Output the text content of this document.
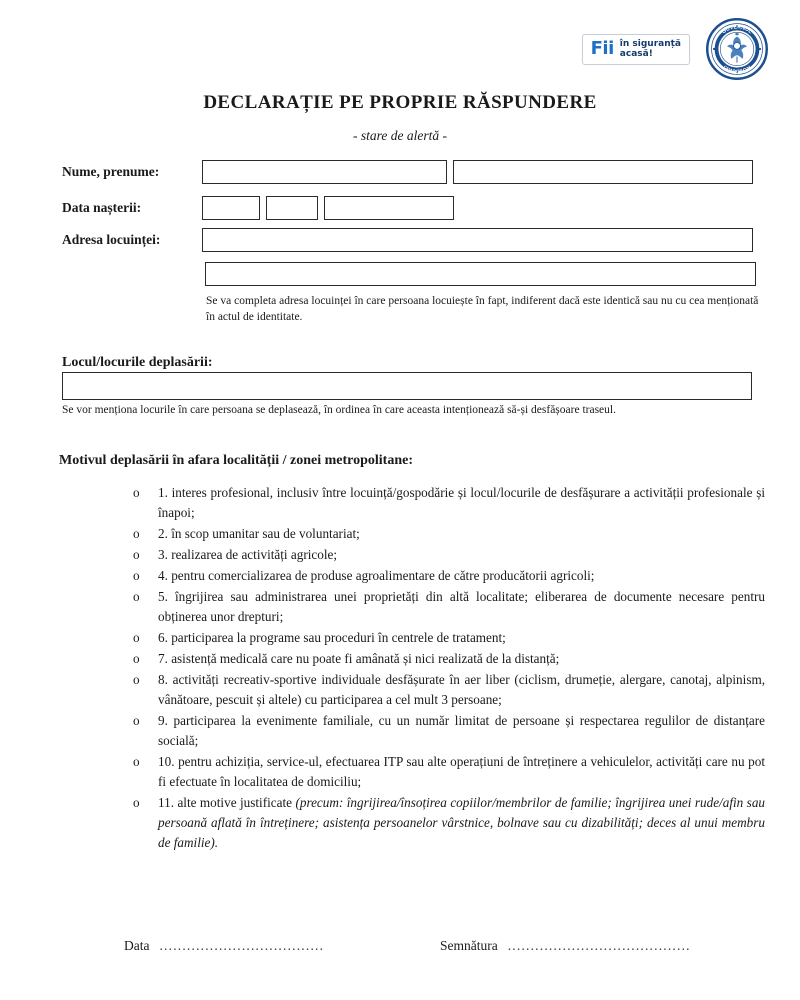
Fii în siguranță
acasă!
GUVERNUL
ROMÂNIEI
DECLARAȚIE PE PROPRIE RĂSPUNDERE
- stare de alertă -
Nume, prenume:
Data nașterii:
Adresa locuinței:
Se va completa adresa locuinței în care persoana locuiește în fapt, indiferent dacă este identică sau nu cu cea menționată în actul de identitate.
Locul/locurile deplasării:
Se vor menționa locurile în care persoana se deplasează, în ordinea în care aceasta intenționează să-și desfășoare traseul.
Motivul deplasării în afara localității / zonei metropolitane:
o 1. interes profesional, inclusiv între locuință/gospodărie și locul/locurile de desfășurare a activității profesionale și înapoi;
o 2. în scop umanitar sau de voluntariat;
o 3. realizarea de activități agricole;
o 4. pentru comercializarea de produse agroalimentare de către producătorii agricoli;
o 5. îngrijirea sau administrarea unei proprietăți din altă localitate; eliberarea de documente necesare pentru obținerea unor drepturi;
o 6. participarea la programe sau proceduri în centrele de tratament;
o 7. asistență medicală care nu poate fi amânată și nici realizată de la distanță;
o 8. activități recreativ-sportive individuale desfășurate în aer liber (ciclism, drumeție, alergare, canotaj, alpinism, vânătoare, pescuit și altele) cu participarea a cel mult 3 persoane;
o 9. participarea la evenimente familiale, cu un număr limitat de persoane și respectarea regulilor de distanțare socială;
o 10. pentru achiziția, service-ul, efectuarea ITP sau alte operațiuni de întreținere a vehiculelor, activități care nu pot fi efectuate în localitatea de domiciliu;
o 11. alte motive justificate (precum: îngrijirea/însoțirea copiilor/membrilor de familie; îngrijirea unei rude/afin sau persoană aflată în întreținere; asistența persoanelor vârstnice, bolnave sau cu dizabilități; deces al unui membru de familie).
Data ....................................	Semnătura ........................................
